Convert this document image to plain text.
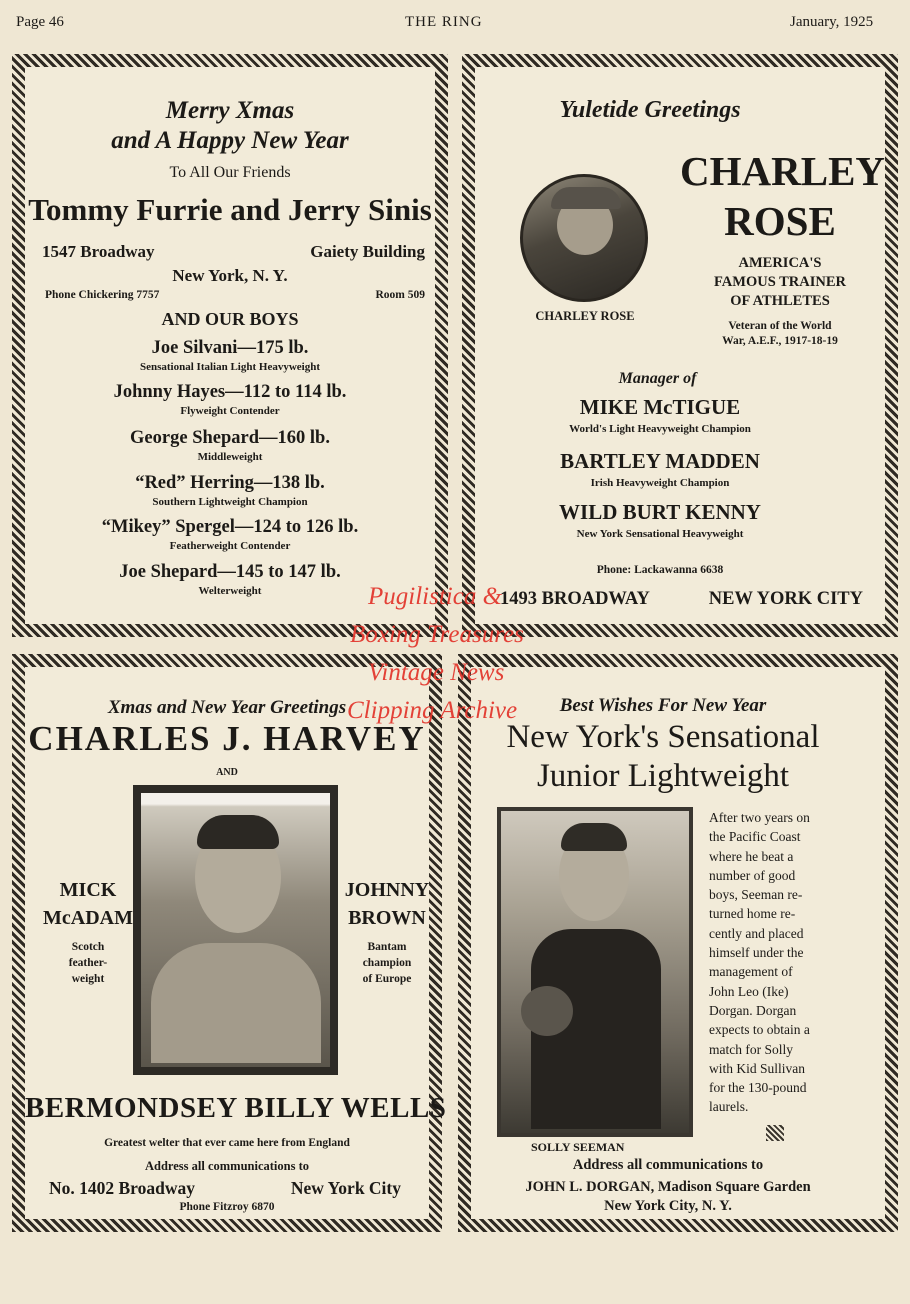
Page 46	THE RING	January, 1925
Merry Xmas
and A Happy New Year
To All Our Friends
Tommy Furrie and Jerry Sinis
1547 Broadway	Gaiety Building
New York, N. Y.
Phone Chickering 7757	Room 509
AND OUR BOYS
Joe Silvani—175 lb.
Sensational Italian Light Heavyweight
Johnny Hayes—112 to 114 lb.
Flyweight Contender
George Shepard—160 lb.
Middleweight
“Red” Herring—138 lb.
Southern Lightweight Champion
“Mikey” Spergel—124 to 126 lb.
Featherweight Contender
Joe Shepard—145 to 147 lb.
Welterweight
Yuletide Greetings
CHARLEY ROSE
CHARLEY
ROSE
AMERICA'S
FAMOUS TRAINER
OF ATHLETES
Veteran of the World
War, A.E.F., 1917-18-19
Manager of
MIKE McTIGUE
World's Light Heavyweight Champion
BARTLEY MADDEN
Irish Heavyweight Champion
WILD BURT KENNY
New York Sensational Heavyweight
Phone: Lackawanna 6638
1493 BROADWAY	NEW YORK CITY
Xmas and New Year Greetings
CHARLES J. HARVEY
AND
MICK
McADAM
Scotch
feather-
weight
JOHNNY
BROWN
Bantam
champion
of Europe
BERMONDSEY BILLY WELLS
Greatest welter that ever came here from England
Address all communications to
No. 1402 Broadway	New York City
Phone Fitzroy 6870
Best Wishes For New Year
New York's Sensational
Junior Lightweight
SOLLY SEEMAN
After two years on
the Pacific Coast
where he beat a
number of good
boys, Seeman re-
turned home re-
cently and placed
himself under the
management of
John Leo (Ike)
Dorgan. Dorgan
expects to obtain a
match for Solly
with Kid Sullivan
for the 130-pound
laurels.
Address all communications to
JOHN L. DORGAN, Madison Square Garden
New York City, N. Y.
Pugilistica &
Boxing Treasures
Vintage News
Clipping Archive
